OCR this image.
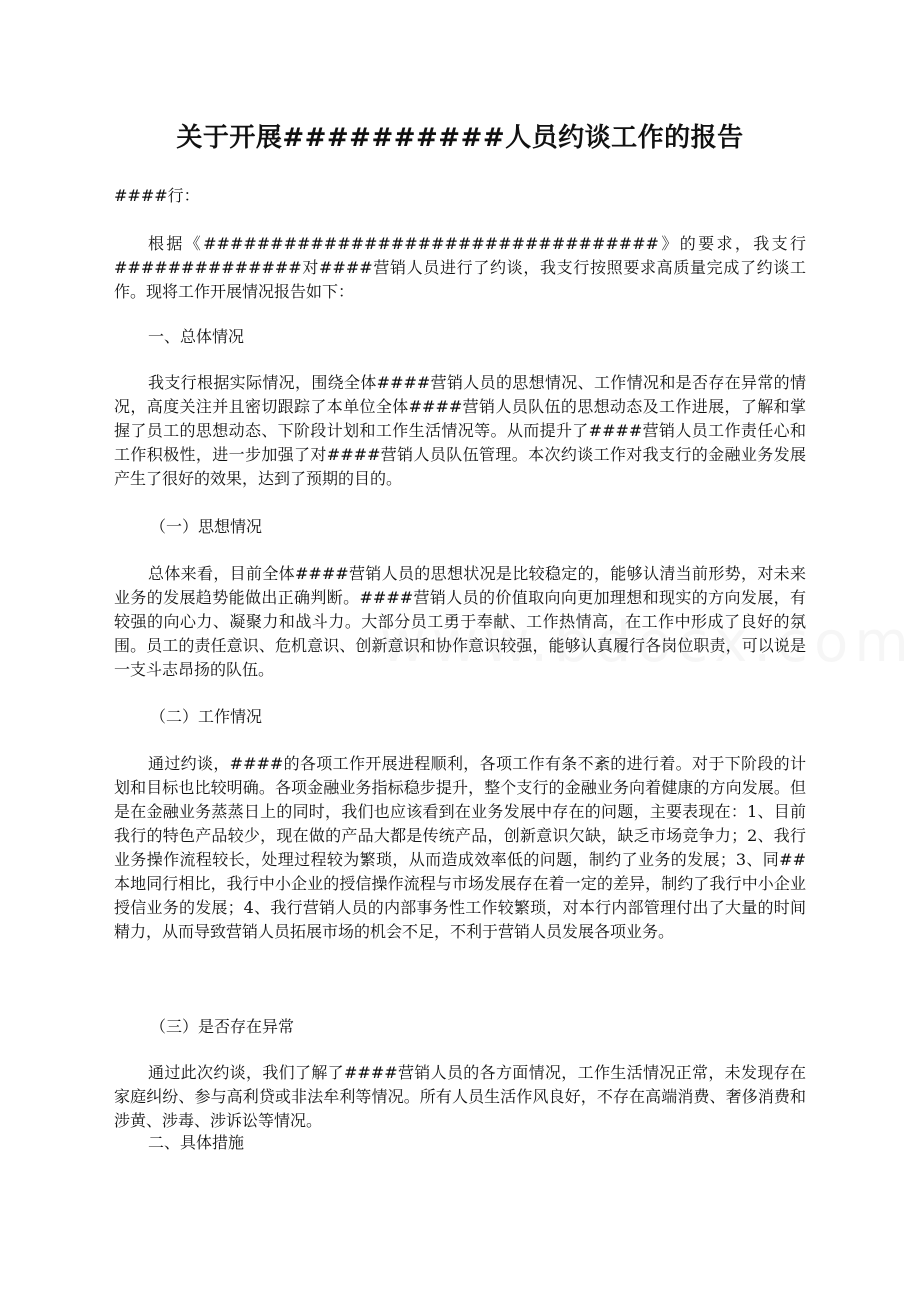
关于开展##########人员约谈工作的报告
####行：

根据《##################################》的要求，我支行##############对####营销人员进行了约谈，我支行按照要求高质量完成了约谈工作。现将工作开展情况报告如下：

一、总体情况

我支行根据实际情况，围绕全体####营销人员的思想情况、工作情况和是否存在异常的情况，高度关注并且密切跟踪了本单位全体####营销人员队伍的思想动态及工作进展，了解和掌握了员工的思想动态、下阶段计划和工作生活情况等。从而提升了####营销人员工作责任心和工作积极性，进一步加强了对####营销人员队伍管理。本次约谈工作对我支行的金融业务发展产生了很好的效果，达到了预期的目的。

（一）思想情况

总体来看，目前全体####营销人员的思想状况是比较稳定的，能够认清当前形势，对未来业务的发展趋势能做出正确判断。####营销人员的价值取向向更加理想和现实的方向发展，有较强的向心力、凝聚力和战斗力。大部分员工勇于奉献、工作热情高，在工作中形成了良好的氛围。员工的责任意识、危机意识、创新意识和协作意识较强，能够认真履行各岗位职责，可以说是一支斗志昂扬的队伍。

（二）工作情况

通过约谈，####的各项工作开展进程顺利，各项工作有条不紊的进行着。对于下阶段的计划和目标也比较明确。各项金融业务指标稳步提升，整个支行的金融业务向着健康的方向发展。但是在金融业务蒸蒸日上的同时，我们也应该看到在业务发展中存在的问题，主要表现在：1、目前我行的特色产品较少，现在做的产品大都是传统产品，创新意识欠缺，缺乏市场竞争力；2、我行业务操作流程较长，处理过程较为繁琐，从而造成效率低的问题，制约了业务的发展；3、同##本地同行相比，我行中小企业的授信操作流程与市场发展存在着一定的差异，制约了我行中小企业授信业务的发展；4、我行营销人员的内部事务性工作较繁琐，对本行内部管理付出了大量的时间精力，从而导致营销人员拓展市场的机会不足，不利于营销人员发展各项业务。

（三）是否存在异常

通过此次约谈，我们了解了####营销人员的各方面情况，工作生活情况正常，未发现存在家庭纠纷、参与高利贷或非法牟利等情况。所有人员生活作风良好，不存在高端消费、奢侈消费和涉黄、涉毒、涉诉讼等情况。

二、具体措施
